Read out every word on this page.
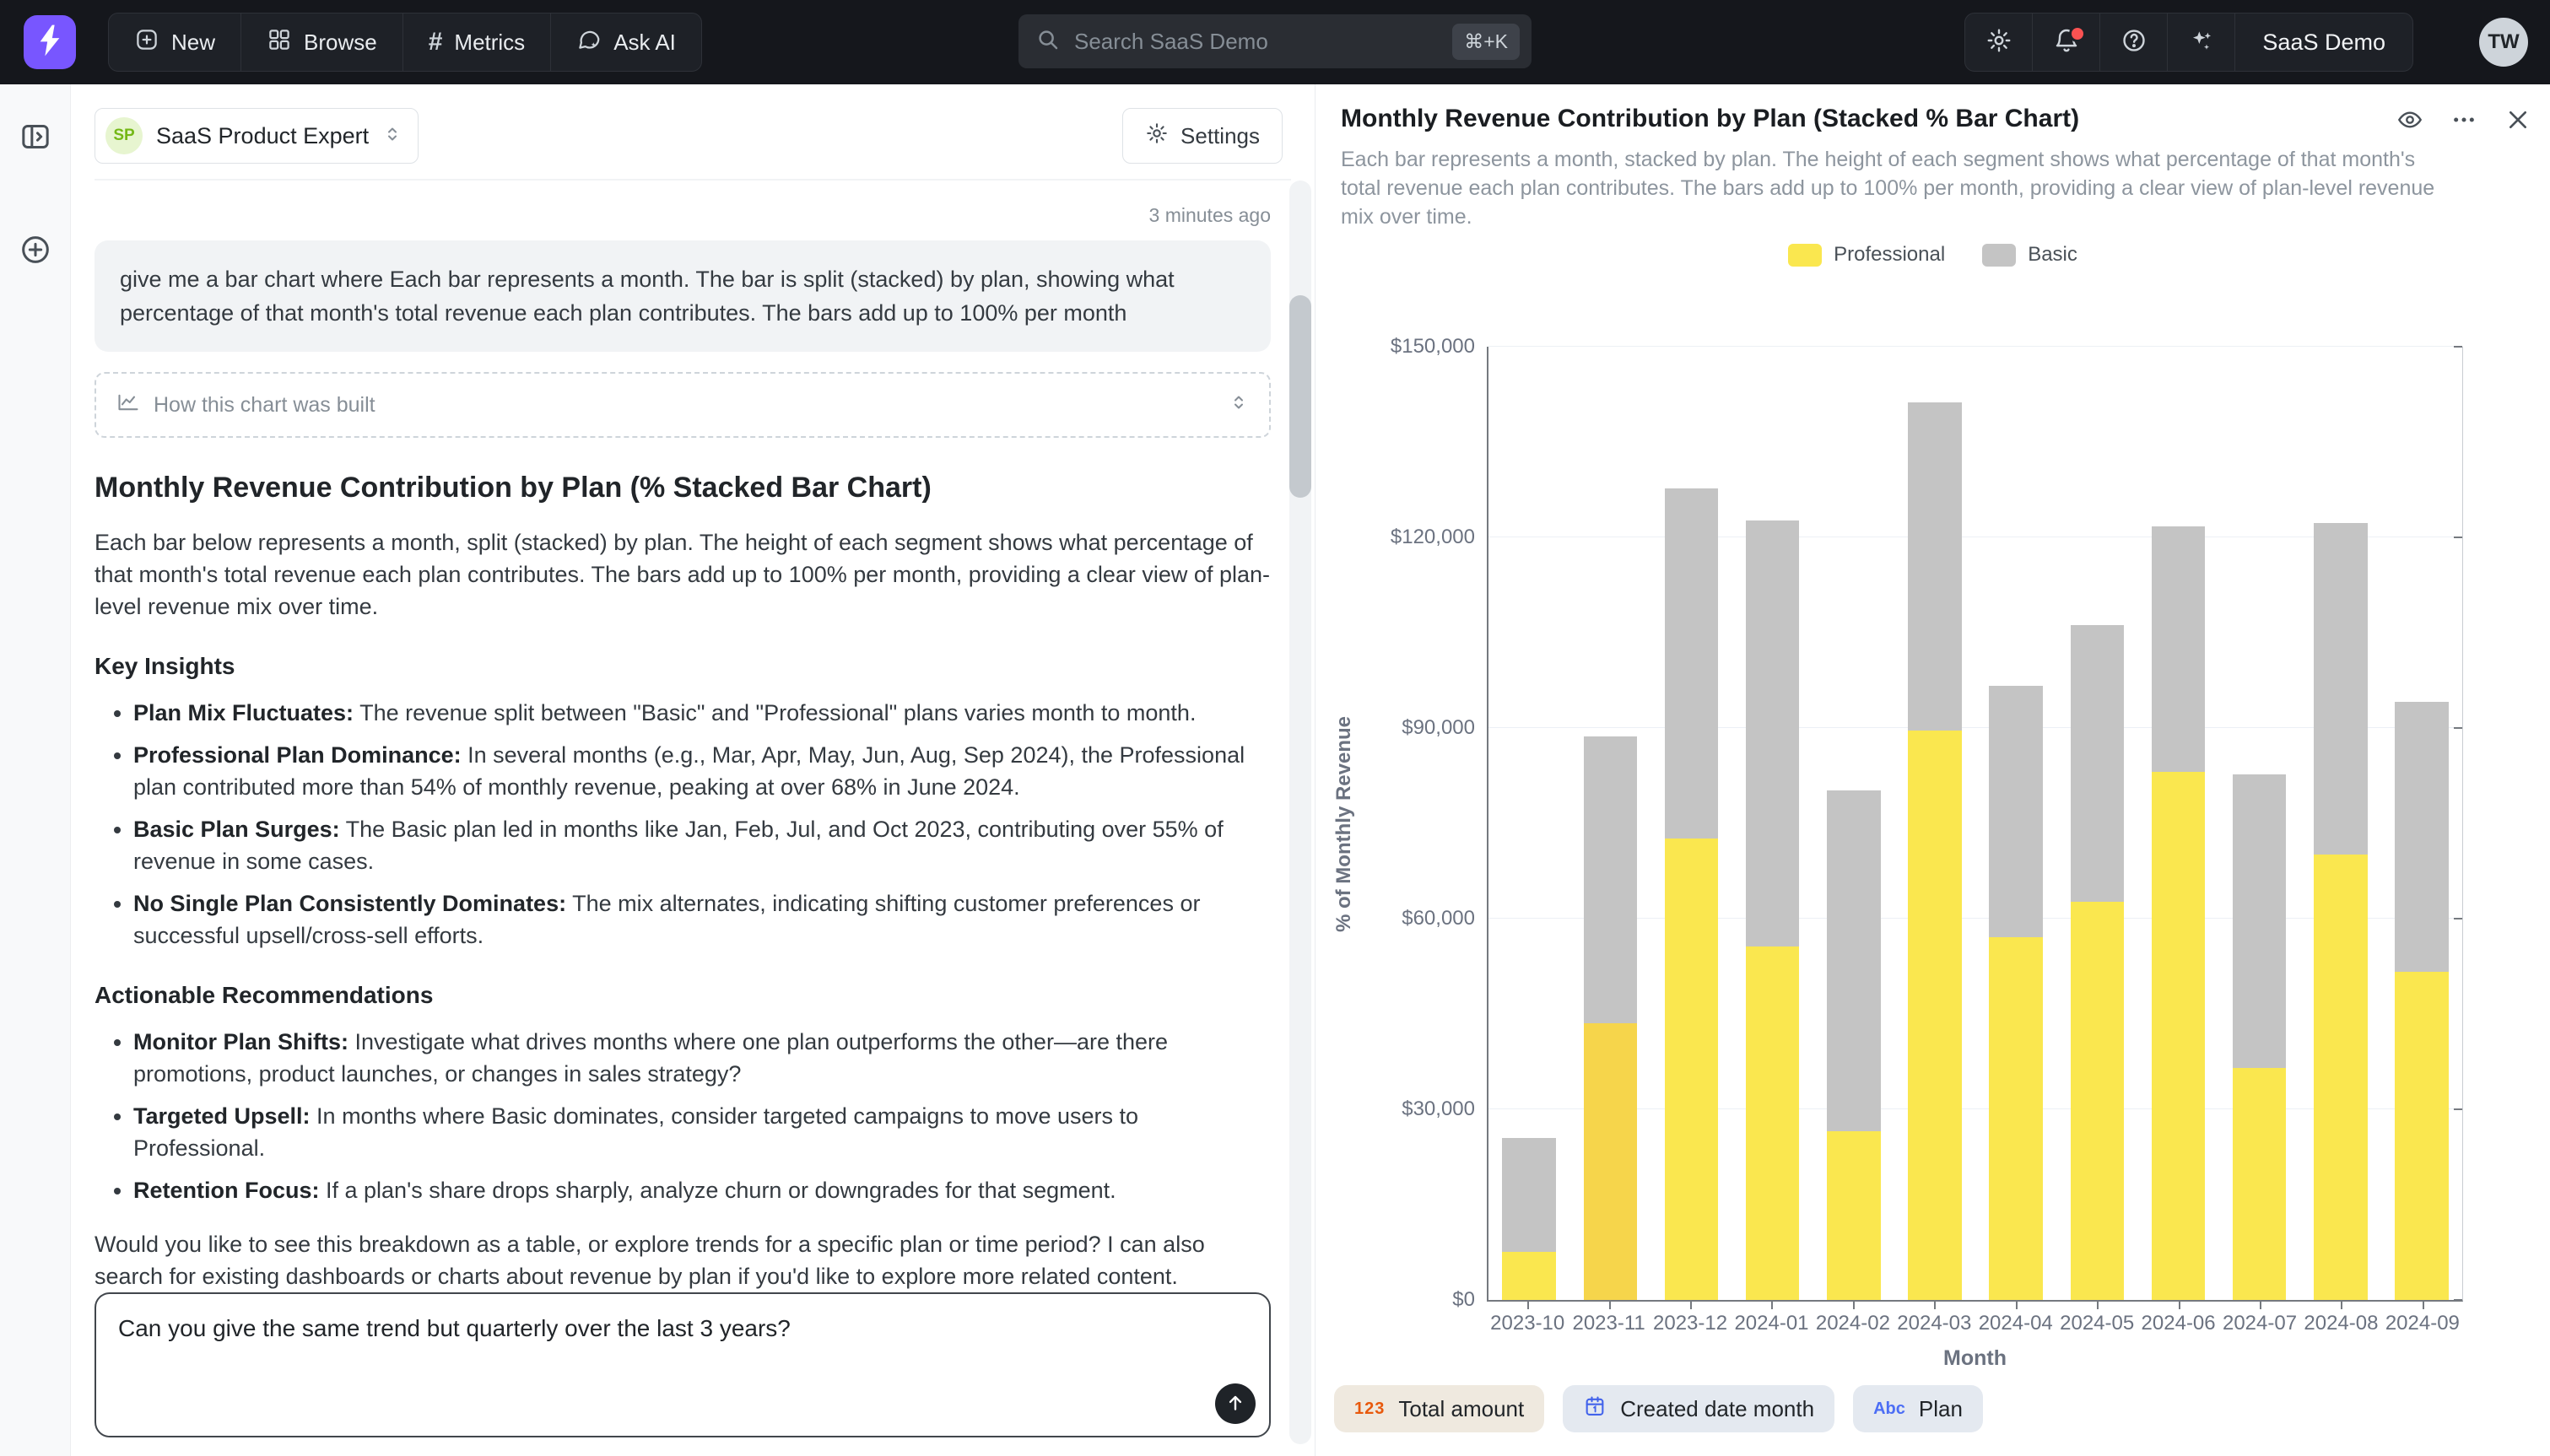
New	Browse # Metrics	Ask AI
Search SaaS Demo	⌘+K	SaaS Demo	TW
SP SaaS Product Expert	Settings
3 minutes ago
give me a bar chart where Each bar represents a month. The bar is split (stacked) by plan, showing what percentage of that month's total revenue each plan contributes. The bars add up to 100% per month
How this chart was built
Monthly Revenue Contribution by Plan (% Stacked Bar Chart)

Each bar below represents a month, split (stacked) by plan. The height of each segment shows what percentage of that month's total revenue each plan contributes. The bars add up to 100% per month, providing a clear view of plan-level revenue mix over time.

Key Insights
• Plan Mix Fluctuates: The revenue split between "Basic" and "Professional" plans varies month to month.
• Professional Plan Dominance: In several months (e.g., Mar, Apr, May, Jun, Aug, Sep 2024), the Professional plan contributed more than 54% of monthly revenue, peaking at over 68% in June 2024.
• Basic Plan Surges: The Basic plan led in months like Jan, Feb, Jul, and Oct 2023, contributing over 55% of revenue in some cases.
• No Single Plan Consistently Dominates: The mix alternates, indicating shifting customer preferences or successful upsell/cross-sell efforts.
Actionable Recommendations
• Monitor Plan Shifts: Investigate what drives months where one plan outperforms the other—are there promotions, product launches, or changes in sales strategy?
• Targeted Upsell: In months where Basic dominates, consider targeted campaigns to move users to Professional.
• Retention Focus: If a plan's share drops sharply, analyze churn or downgrades for that segment.

Would you like to see this breakdown as a table, or explore trends for a specific plan or time period? I can also search for existing dashboards or charts about revenue by plan if you'd like to explore more related content.

Can you give the same trend but quarterly over the last 3 years?
Monthly Revenue Contribution by Plan (Stacked % Bar Chart)
Each bar represents a month, stacked by plan. The height of each segment shows what percentage of that month's total revenue each plan contributes. The bars add up to 100% per month, providing a clear view of plan-level revenue mix over time.
Professional	Basic
% of Monthly Revenue
$0
$30,000
$60,000
$90,000
$120,000
$150,000
2023-10 2023-11 2023-12 2024-01 2024-02 2024-03 2024-04 2024-05 2024-06 2024-07 2024-08 2024-09
Month
123 Total amount	Created date month	Abc Plan
